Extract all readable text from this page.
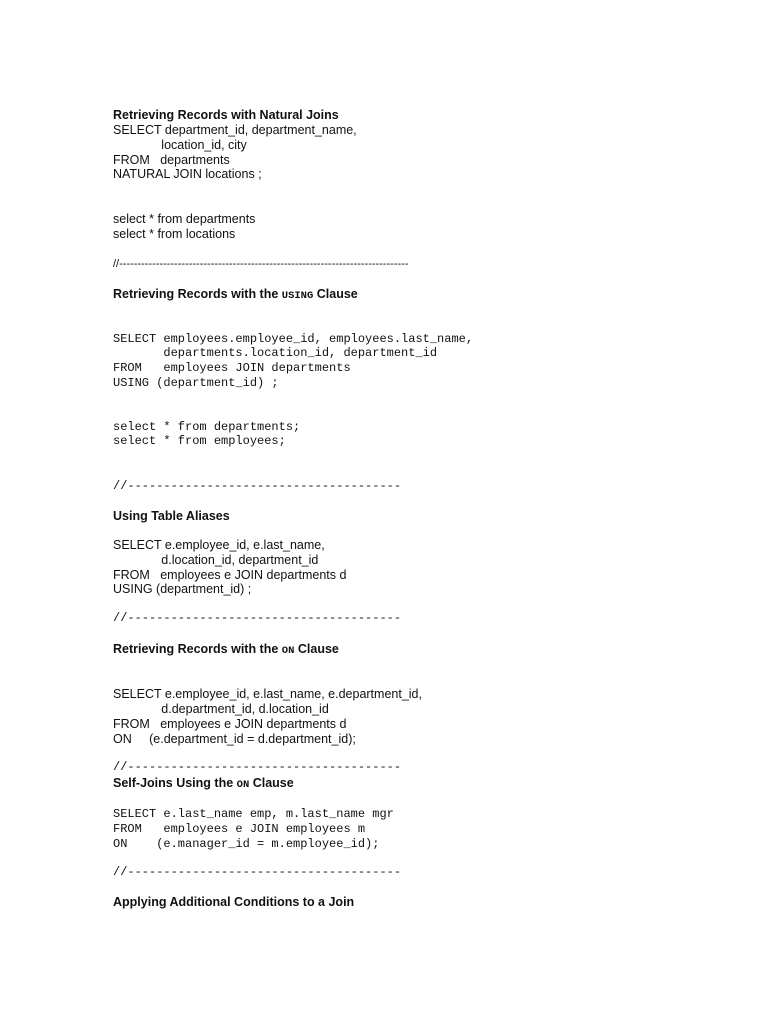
Retrieving Records with Natural Joins
SELECT department_id, department_name,
location_id, city
FROM   departments
NATURAL JOIN locations ;
select * from departments
select * from locations
//-------------------------------------------------------------------------------
Retrieving Records with the USING Clause
SELECT employees.employee_id, employees.last_name,
departments.location_id, department_id
FROM   employees JOIN departments
USING (department_id) ;
select * from departments;
select * from employees;
//--------------------------------------
Using Table Aliases
SELECT e.employee_id, e.last_name,
d.location_id, department_id
FROM   employees e JOIN departments d
USING (department_id) ;
//--------------------------------------
Retrieving Records with the ON Clause
SELECT e.employee_id, e.last_name, e.department_id,
d.department_id, d.location_id
FROM   employees e JOIN departments d
ON     (e.department_id = d.department_id);
//--------------------------------------
Self-Joins Using the ON Clause
SELECT e.last_name emp, m.last_name mgr
FROM   employees e JOIN employees m
ON    (e.manager_id = m.employee_id);
//--------------------------------------
Applying Additional Conditions to a Join
